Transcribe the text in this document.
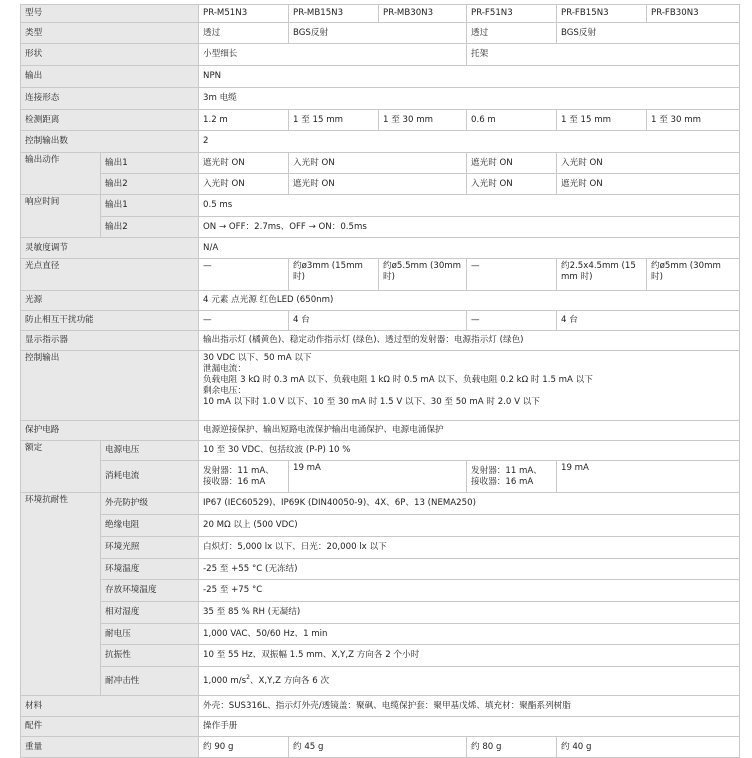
型号		PR-M51N3	PR-MB15N3	PR-MB30N3	PR-F51N3	PR-FB15N3	PR-FB30N3
类型		透过	BGS反射		透过	BGS反射	
形状		小型细长			托架		
输出		NPN					
连接形态		3m 电缆					
检测距离		1.2 m	1 至 15 mm	1 至 30 mm	0.6 m	1 至 15 mm	1 至 30 mm
控制输出数		2					
输出动作	输出1	遮光时 ON	入光时 ON		遮光时 ON	入光时 ON	
	输出2	入光时 ON	遮光时 ON		入光时 ON	遮光时 ON	
响应时间	输出1	0.5 ms					
	输出2	ON → OFF：2.7ms、OFF → ON：0.5ms					
灵敏度调节		N/A					
光点直径		—	约ø3mm (15mm 时)	约ø5.5mm (30mm 时)	—	约2.5x4.5mm (15 mm 时)	约ø5mm (30mm 时)
光源		4 元素 点光源 红色LED (650nm)					
防止相互干扰功能		—	4 台		—	4 台	
显示指示器		输出指示灯 (橘黄色)、稳定动作指示灯 (绿色)、透过型的发射器：电源指示灯 (绿色)					
控制输出		30 VDC 以下、50 mA 以下
泄漏电流：
负载电阻 3 kΩ 时 0.3 mA 以下、负载电阻 1 kΩ 时 0.5 mA 以下、负载电阻 0.2 kΩ 时 1.5 mA 以下
剩余电压：
10 mA 以下时 1.0 V 以下、10 至 30 mA 时 1.5 V 以下、30 至 50 mA 时 2.0 V 以下					

保护电路		电源逆接保护、输出短路电流保护输出电涌保护、电源电涌保护					
额定	电源电压	10 至 30 VDC、包括纹波 (P-P) 10 %					
	消耗电流	发射器：11 mA、
接收器：16 mA	19 mA		发射器：11 mA、
接收器：16 mA	19 mA	
环境抗耐性	外壳防护级	IP67 (IEC60529)、IP69K (DIN40050-9)、4X、6P、13 (NEMA250)					
	绝缘电阻	20 MΩ 以上 (500 VDC)					
	环境光照	白炽灯：5,000 lx 以下、日光：20,000 lx 以下					
	环境温度	-25 至 +55 °C (无冻结)					
	存放环境温度	-25 至 +75 °C					
	相对湿度	35 至 85 % RH (无凝结)					
	耐电压	1,000 VAC、50/60 Hz、1 min					
	抗振性	10 至 55 Hz、双振幅 1.5 mm、X,Y,Z 方向各 2 个小时					
	耐冲击性	1,000 $m/s^2$、X,Y,Z 方向各 6 次					
材料		外壳：SUS316L、指示灯外壳/透镜盖：聚砜、电缆保护套：聚甲基戊烯、填充材：聚酯系列树脂					
配件		操作手册					
重量		约 90 g	约 45 g		约 80 g	约 40 g	
